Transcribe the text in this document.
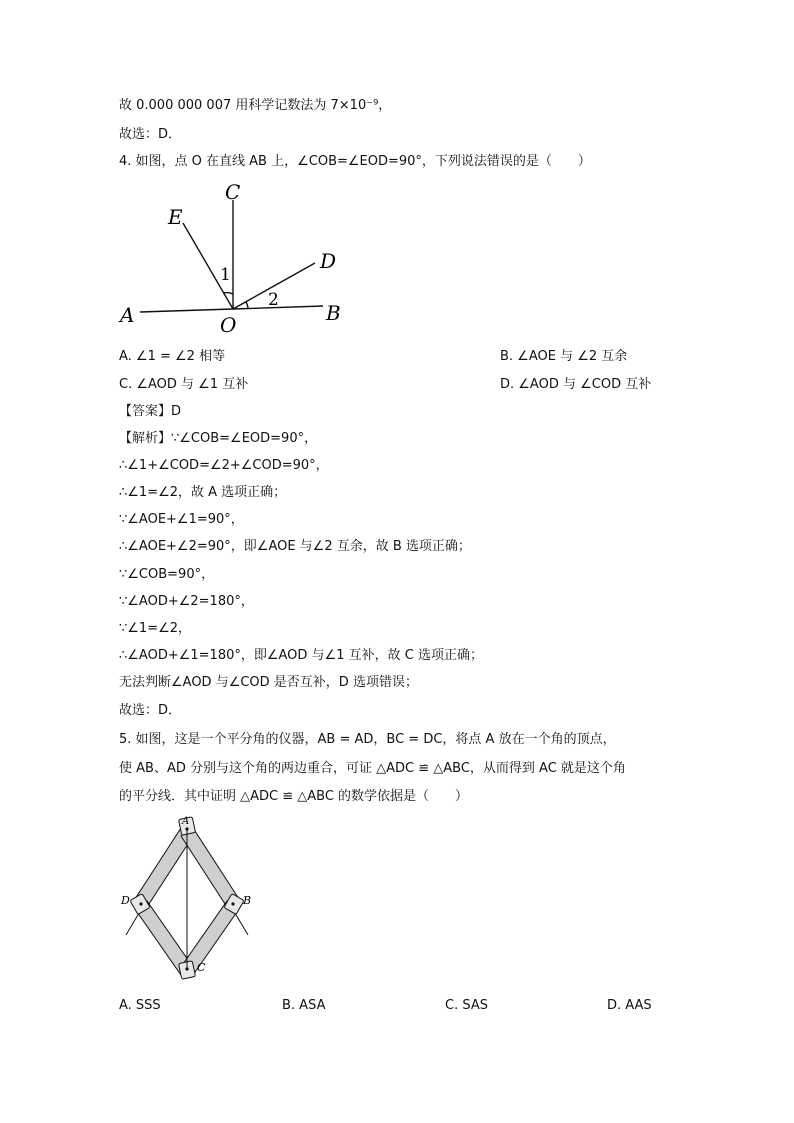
故 0.000 000 007 用科学记数法为 7×10⁻⁹，
故选：D．
4. 如图，点 O 在直线 AB 上，∠COB=∠EOD=90°，下列说法错误的是（　　）
C
E
D
A	O	B
1
2
A. ∠1 = ∠2 相等	B. ∠AOE 与 ∠2 互余
C. ∠AOD 与 ∠1 互补	D. ∠AOD 与 ∠COD 互补
【答案】D
【解析】∵∠COB=∠EOD=90°，
∴∠1+∠COD=∠2+∠COD=90°，
∴∠1=∠2，故 A 选项正确；
∵∠AOE+∠1=90°，
∴∠AOE+∠2=90°，即∠AOE 与∠2 互余，故 B 选项正确；
∵∠COB=90°，
∵∠AOD+∠2=180°，
∵∠1=∠2，
∴∠AOD+∠1=180°，即∠AOD 与∠1 互补，故 C 选项正确；
无法判断∠AOD 与∠COD 是否互补，D 选项错误；
故选：D．
5. 如图，这是一个平分角的仪器，AB = AD，BC = DC，将点 A 放在一个角的顶点，
使 AB、AD 分别与这个角的两边重合，可证 △ADC ≌ △ABC，从而得到 AC 就是这个角
的平分线．其中证明 △ADC ≌ △ABC 的数学依据是（　　）
A
D	B
C
A. SSS	B. ASA	C. SAS	D. AAS
